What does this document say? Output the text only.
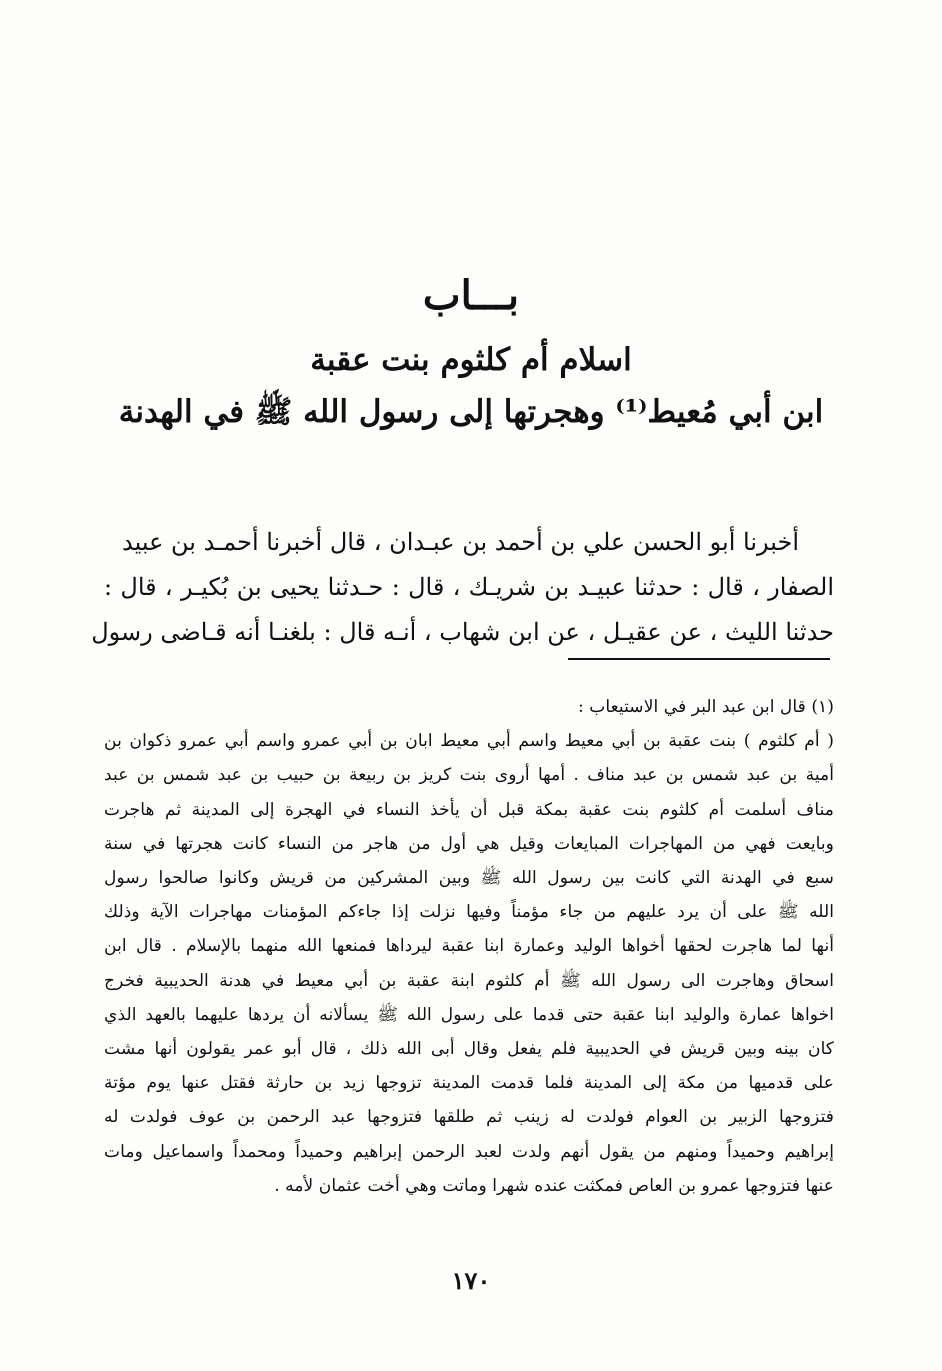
بـــاب
اسلام أم كلثوم بنت عقبة
ابن أبي مُعيط⁽¹⁾ وهجرتها إلى رسول الله ﷺ في الهدنة
أخبرنا أبو الحسن علي بن أحمد بن عبـدان ، قال أخبرنا أحمـد بن عبيد
الصفار ، قال : حدثنا عبيـد بن شريـك ، قال : حـدثنا يحيى بن بُكيـر ، قال :
حدثنا الليث ، عن عقيـل ، عن ابن شهاب ، أنـه قال : بلغنـا أنه قـاضى رسول
(١) قال ابن عبد البر في الاستيعاب :
( أم كلثوم ) بنت عقبة بن أبي معيط واسم أبي معيط ابان بن أبي عمرو واسم أبي عمرو ذكوان بن
أمية بن عبد شمس بن عبد مناف . أمها أروى بنت كريز بن ربيعة بن حبيب بن عبد شمس بن عبد
مناف أسلمت أم كلثوم بنت عقبة بمكة قبل أن يأخذ النساء في الهجرة إلى المدينة ثم هاجرت
وبايعت فهي من المهاجرات المبايعات وقيل هي أول من هاجر من النساء كانت هجرتها في سنة
سبع في الهدنة التي كانت بين رسول الله ﷺ وبين المشركين من قريش وكانوا صالحوا رسول
الله ﷺ على أن يرد عليهم من جاء مؤمناً وفيها نزلت إذا جاءكم المؤمنات مهاجرات الآية وذلك
أنها لما هاجرت لحقها أخواها الوليد وعمارة ابنا عقبة ليرداها فمنعها الله منهما بالإسلام . قال ابن
اسحاق وهاجرت الى رسول الله ﷺ أم كلثوم ابنة عقبة بن أبي معيط في هدنة الحديبية فخرج
اخواها عمارة والوليد ابنا عقبة حتى قدما على رسول الله ﷺ يسألانه أن يردها عليهما بالعهد الذي
كان بينه وبين قريش في الحديبية فلم يفعل وقال أبى الله ذلك ، قال أبو عمر يقولون أنها مشت
على قدميها من مكة إلى المدينة فلما قدمت المدينة تزوجها زيد بن حارثة فقتل عنها يوم مؤتة
فتزوجها الزبير بن العوام فولدت له زينب ثم طلقها فتزوجها عبد الرحمن بن عوف فولدت له
إبراهيم وحميداً ومنهم من يقول أنهم ولدت لعبد الرحمن إبراهيم وحميداً ومحمداً واسماعيل ومات
عنها فتزوجها عمرو بن العاص فمكثت عنده شهرا وماتت وهي أخت عثمان لأمه .
١٧٠
